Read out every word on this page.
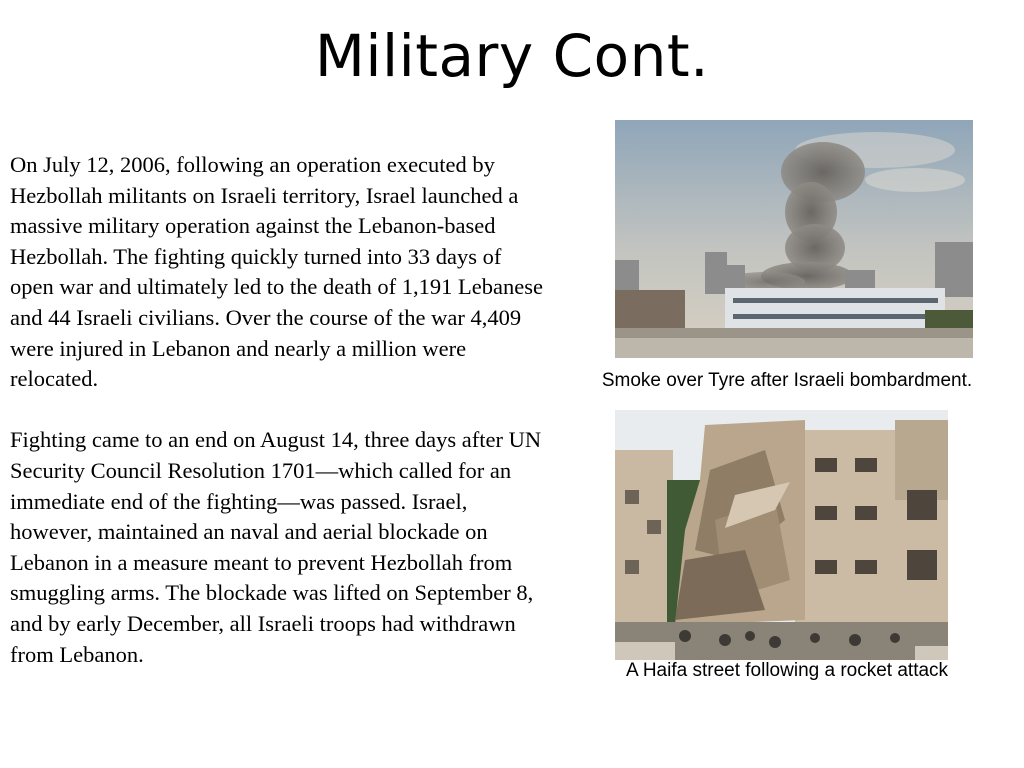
Military Cont.

On July 12, 2006, following an operation executed by Hezbollah militants on Israeli territory, Israel launched a massive military operation against the Lebanon-based Hezbollah. The fighting quickly turned into 33 days of open war and ultimately led to the death of 1,191 Lebanese and 44 Israeli civilians. Over the course of the war 4,409 were injured in Lebanon and nearly a million were relocated.

Fighting came to an end on August 14, three days after UN Security Council Resolution 1701—which called for an immediate end of the fighting—was passed. Israel, however, maintained an naval and aerial blockade on Lebanon in a measure meant to prevent Hezbollah from smuggling arms. The blockade was lifted on September 8, and by early December, all Israeli troops had withdrawn from Lebanon.

Smoke over Tyre after Israeli bombardment.
A Haifa street following a rocket attack
